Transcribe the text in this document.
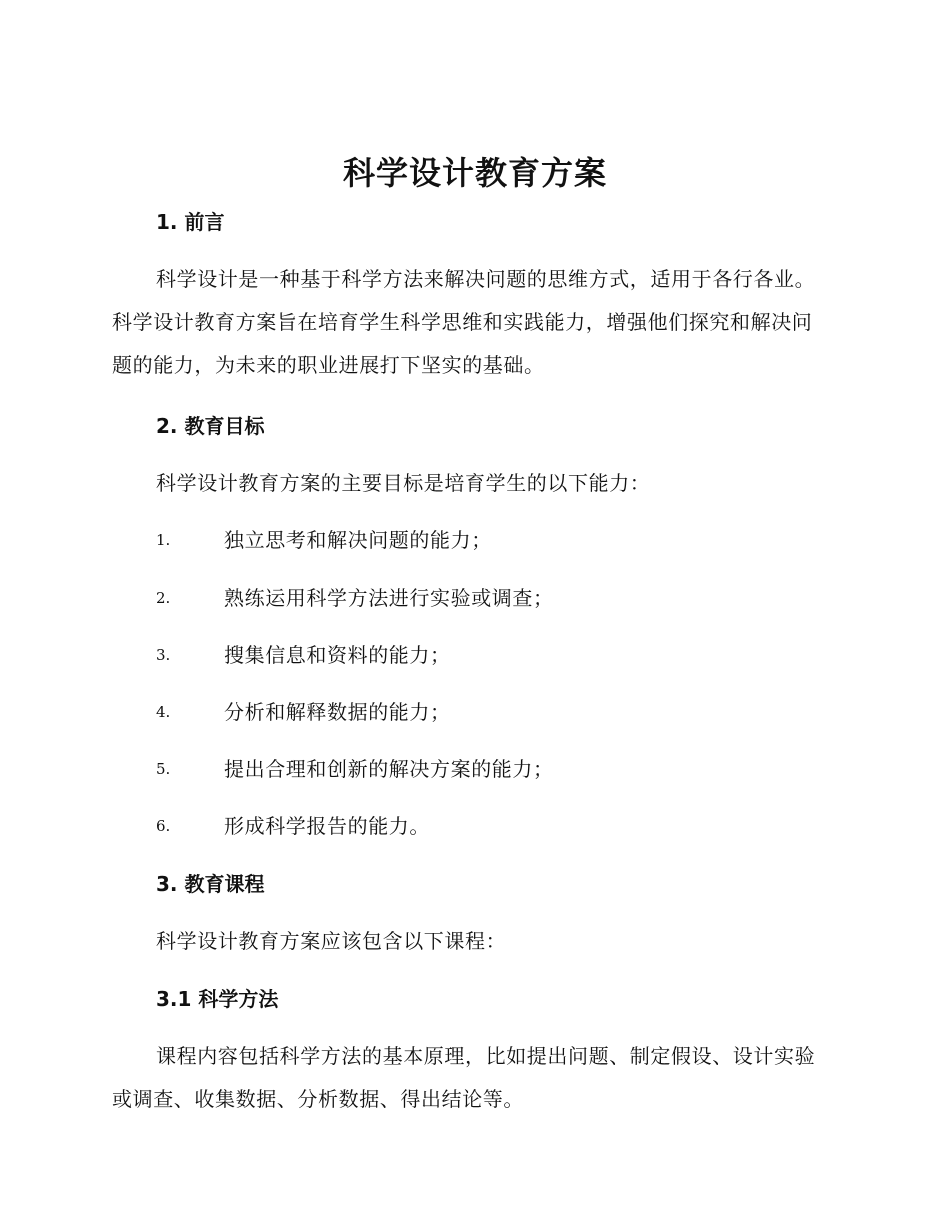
科学设计教育方案
1. 前言

科学设计是一种基于科学方法来解决问题的思维方式，适用于各行各业。科学设计教育方案旨在培育学生科学思维和实践能力，增强他们探究和解决问题的能力，为未来的职业进展打下坚实的基础。

2. 教育目标

科学设计教育方案的主要目标是培育学生的以下能力：

1.	独立思考和解决问题的能力；
2.	熟练运用科学方法进行实验或调查；
3.	搜集信息和资料的能力；
4.	分析和解释数据的能力；
5.	提出合理和创新的解决方案的能力；
6.	形成科学报告的能力。
3. 教育课程

科学设计教育方案应该包含以下课程：

3.1 科学方法

课程内容包括科学方法的基本原理，比如提出问题、制定假设、设计实验或调查、收集数据、分析数据、得出结论等。
